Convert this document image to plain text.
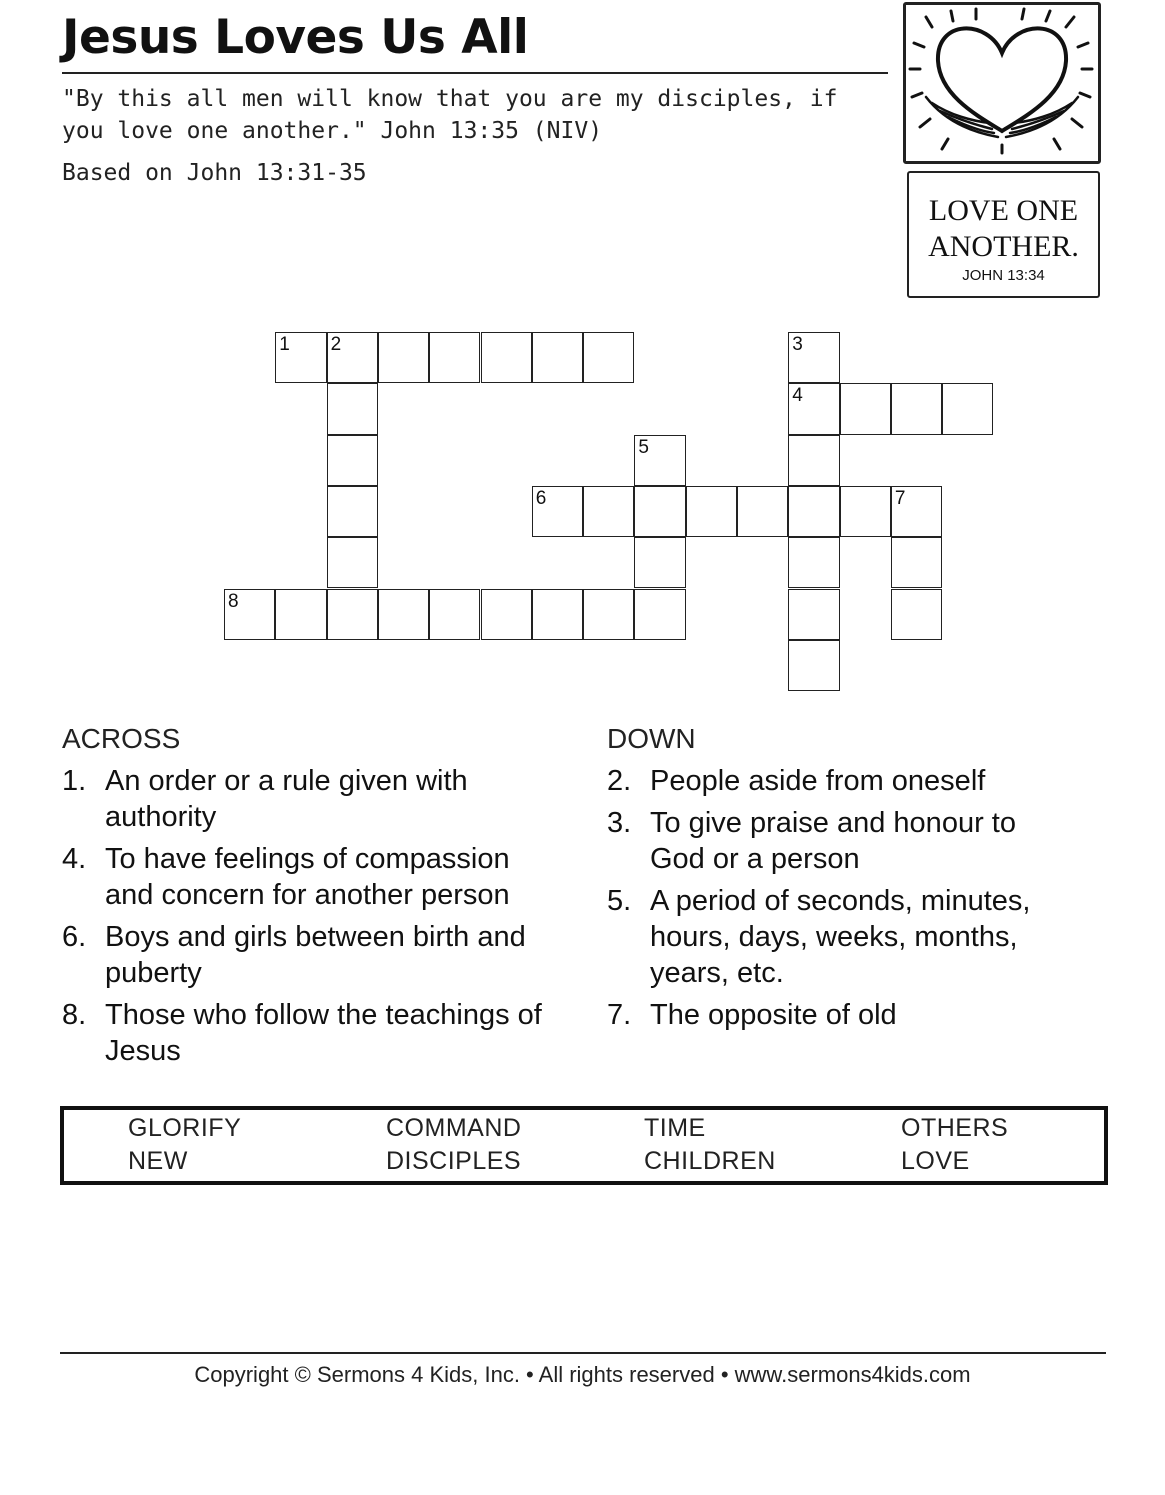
Jesus Loves Us All
"By this all men will know that you are my disciples, if you love one another." John 13:35 (NIV)
Based on John 13:31-35
LOVE ONE
ANOTHER.
JOHN 13:34
1 2	3
4
5
6	7
8
ACROSS
1. An order or a rule given with authority
4. To have feelings of compassion and concern for another person
6. Boys and girls between birth and puberty
8. Those who follow the teachings of Jesus
DOWN
2. People aside from oneself
3. To give praise and honour to God or a person
5. A period of seconds, minutes, hours, days, weeks, months, years, etc.
7. The opposite of old
GLORIFY	COMMAND	TIME	OTHERS
NEW	DISCIPLES	CHILDREN	LOVE
Copyright © Sermons 4 Kids, Inc. • All rights reserved • www.sermons4kids.com
